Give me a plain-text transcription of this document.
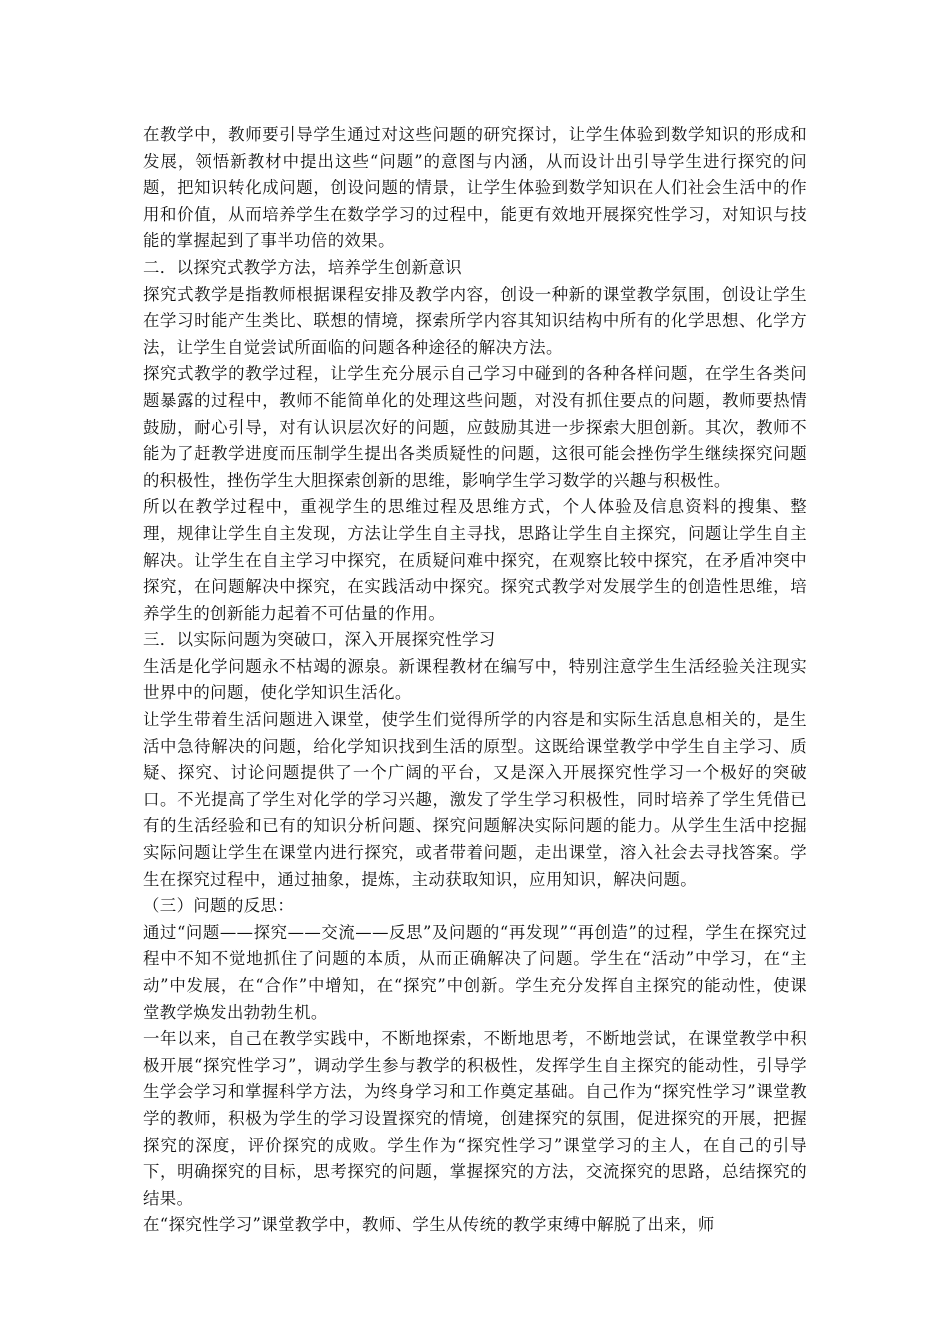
在教学中，教师要引导学生通过对这些问题的研究探讨，让学生体验到数学知识的形成和发展，领悟新教材中提出这些“问题”的意图与内涵，从而设计出引导学生进行探究的问题，把知识转化成问题，创设问题的情景，让学生体验到数学知识在人们社会生活中的作用和价值，从而培养学生在数学学习的过程中，能更有效地开展探究性学习，对知识与技能的掌握起到了事半功倍的效果。

二．以探究式教学方法，培养学生创新意识

探究式教学是指教师根据课程安排及教学内容，创设一种新的课堂教学氛围，创设让学生在学习时能产生类比、联想的情境，探索所学内容其知识结构中所有的化学思想、化学方法，让学生自觉尝试所面临的问题各种途径的解决方法。

探究式教学的教学过程，让学生充分展示自己学习中碰到的各种各样问题，在学生各类问题暴露的过程中，教师不能简单化的处理这些问题，对没有抓住要点的问题，教师要热情鼓励，耐心引导，对有认识层次好的问题，应鼓励其进一步探索大胆创新。其次，教师不能为了赶教学进度而压制学生提出各类质疑性的问题，这很可能会挫伤学生继续探究问题的积极性，挫伤学生大胆探索创新的思维，影响学生学习数学的兴趣与积极性。

所以在教学过程中，重视学生的思维过程及思维方式，个人体验及信息资料的搜集、整理，规律让学生自主发现，方法让学生自主寻找，思路让学生自主探究，问题让学生自主解决。让学生在自主学习中探究，在质疑问难中探究，在观察比较中探究，在矛盾冲突中探究，在问题解决中探究，在实践活动中探究。探究式教学对发展学生的创造性思维，培养学生的创新能力起着不可估量的作用。

三．以实际问题为突破口，深入开展探究性学习

生活是化学问题永不枯竭的源泉。新课程教材在编写中，特别注意学生生活经验关注现实世界中的问题，使化学知识生活化。

让学生带着生活问题进入课堂，使学生们觉得所学的内容是和实际生活息息相关的，是生活中急待解决的问题，给化学知识找到生活的原型。这既给课堂教学中学生自主学习、质疑、探究、讨论问题提供了一个广阔的平台，又是深入开展探究性学习一个极好的突破口。不光提高了学生对化学的学习兴趣，激发了学生学习积极性，同时培养了学生凭借已有的生活经验和已有的知识分析问题、探究问题解决实际问题的能力。从学生生活中挖掘实际问题让学生在课堂内进行探究，或者带着问题，走出课堂，溶入社会去寻找答案。学生在探究过程中，通过抽象，提炼，主动获取知识，应用知识，解决问题。

（三）问题的反思：

通过“问题——探究——交流——反思”及问题的“再发现”“再创造”的过程，学生在探究过程中不知不觉地抓住了问题的本质，从而正确解决了问题。学生在“活动”中学习，在“主动”中发展，在“合作”中增知，在“探究”中创新。学生充分发挥自主探究的能动性，使课堂教学焕发出勃勃生机。

一年以来，自己在教学实践中，不断地探索，不断地思考，不断地尝试，在课堂教学中积极开展“探究性学习”，调动学生参与教学的积极性，发挥学生自主探究的能动性，引导学生学会学习和掌握科学方法，为终身学习和工作奠定基础。自己作为“探究性学习”课堂教学的教师，积极为学生的学习设置探究的情境，创建探究的氛围，促进探究的开展，把握探究的深度，评价探究的成败。学生作为“探究性学习”课堂学习的主人，在自己的引导下，明确探究的目标，思考探究的问题，掌握探究的方法，交流探究的思路，总结探究的结果。

在“探究性学习”课堂教学中，教师、学生从传统的教学束缚中解脱了出来，师
